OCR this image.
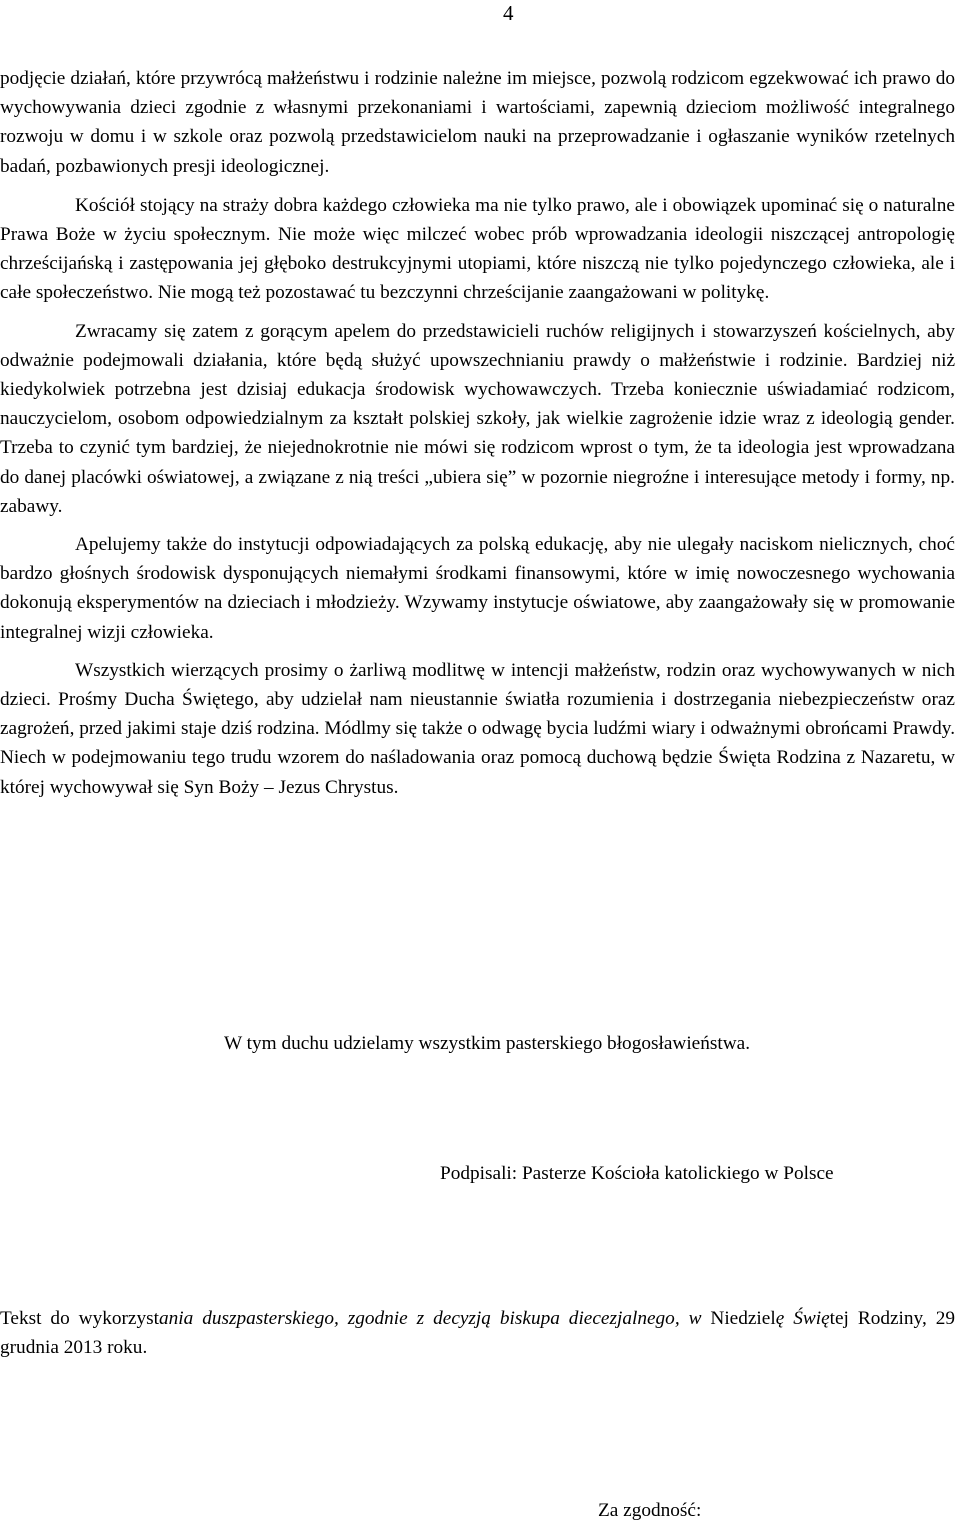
4

podjęcie działań, które przywrócą małżeństwu i rodzinie należne im miejsce, pozwolą rodzicom egzekwować ich prawo do wychowywania dzieci zgodnie z własnymi przekonaniami i wartościami, zapewnią dzieciom możliwość integralnego rozwoju w domu i w szkole oraz pozwolą przedstawicielom nauki na przeprowadzanie i ogłaszanie wyników rzetelnych badań, pozbawionych presji ideologicznej.

Kościół stojący na straży dobra każdego człowieka ma nie tylko prawo, ale i obowiązek upominać się o naturalne Prawa Boże w życiu społecznym. Nie może więc milczeć wobec prób wprowadzania ideologii niszczącej antropologię chrześcijańską i zastępowania jej głęboko destrukcyjnymi utopiami, które niszczą nie tylko pojedynczego człowieka, ale i całe społeczeństwo. Nie mogą też pozostawać tu bezczynni chrześcijanie zaangażowani w politykę.

Zwracamy się zatem z gorącym apelem do przedstawicieli ruchów religijnych i stowarzyszeń kościelnych, aby odważnie podejmowali działania, które będą służyć upowszechnianiu prawdy o małżeństwie i rodzinie. Bardziej niż kiedykolwiek potrzebna jest dzisiaj edukacja środowisk wychowawczych. Trzeba koniecznie uświadamiać rodzicom, nauczycielom, osobom odpowiedzialnym za kształt polskiej szkoły, jak wielkie zagrożenie idzie wraz z ideologią gender. Trzeba to czynić tym bardziej, że niejednokrotnie nie mówi się rodzicom wprost o tym, że ta ideologia jest wprowadzana do danej placówki oświatowej, a związane z nią treści „ubiera się” w pozornie niegroźne i interesujące metody i formy, np. zabawy.

Apelujemy także do instytucji odpowiadających za polską edukację, aby nie ulegały naciskom nielicznych, choć bardzo głośnych środowisk dysponujących niemałymi środkami finansowymi, które w imię nowoczesnego wychowania dokonują eksperymentów na dzieciach i młodzieży. Wzywamy instytucje oświatowe, aby zaangażowały się w promowanie integralnej wizji człowieka.

Wszystkich wierzących prosimy o żarliwą modlitwę w intencji małżeństw, rodzin oraz wychowywanych w nich dzieci. Prośmy Ducha Świętego, aby udzielał nam nieustannie światła rozumienia i dostrzegania niebezpieczeństw oraz zagrożeń, przed jakimi staje dziś rodzina. Módlmy się także o odwagę bycia ludźmi wiary i odważnymi obrońcami Prawdy. Niech w podejmowaniu tego trudu wzorem do naśladowania oraz pomocą duchową będzie Święta Rodzina z Nazaretu, w której wychowywał się Syn Boży – Jezus Chrystus.

W tym duchu udzielamy wszystkim pasterskiego błogosławieństwa.
Podpisali: Pasterze Kościoła katolickiego w Polsce
Tekst do wykorzystania duszpasterskiego, zgodnie z decyzją biskupa diecezjalnego, w Niedzielę Świętej Rodziny, 29 grudnia 2013 roku.
Za zgodność:
